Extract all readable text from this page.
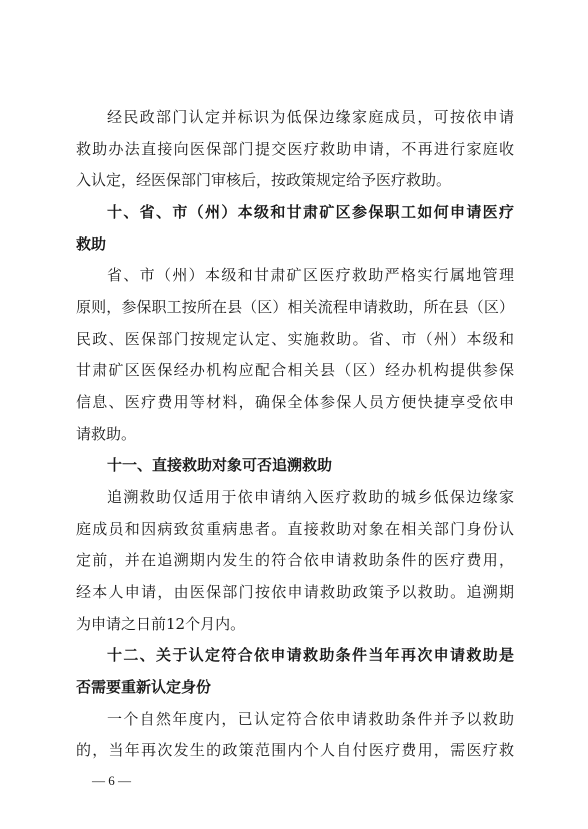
经民政部门认定并标识为低保边缘家庭成员，可按依申请
救助办法直接向医保部门提交医疗救助申请，不再进行家庭收
入认定，经医保部门审核后，按政策规定给予医疗救助。
十、省、市（州）本级和甘肃矿区参保职工如何申请医疗
救助
省、市（州）本级和甘肃矿区医疗救助严格实行属地管理
原则，参保职工按所在县（区）相关流程申请救助，所在县（区）
民政、医保部门按规定认定、实施救助。省、市（州）本级和
甘肃矿区医保经办机构应配合相关县（区）经办机构提供参保
信息、医疗费用等材料，确保全体参保人员方便快捷享受依申
请救助。
十一、直接救助对象可否追溯救助
追溯救助仅适用于依申请纳入医疗救助的城乡低保边缘家
庭成员和因病致贫重病患者。直接救助对象在相关部门身份认
定前，并在追溯期内发生的符合依申请救助条件的医疗费用，
经本人申请，由医保部门按依申请救助政策予以救助。追溯期
为申请之日前12个月内。
十二、关于认定符合依申请救助条件当年再次申请救助是
否需要重新认定身份
一个自然年度内，已认定符合依申请救助条件并予以救助
的，当年再次发生的政策范围内个人自付医疗费用，需医疗救
— 6 —
